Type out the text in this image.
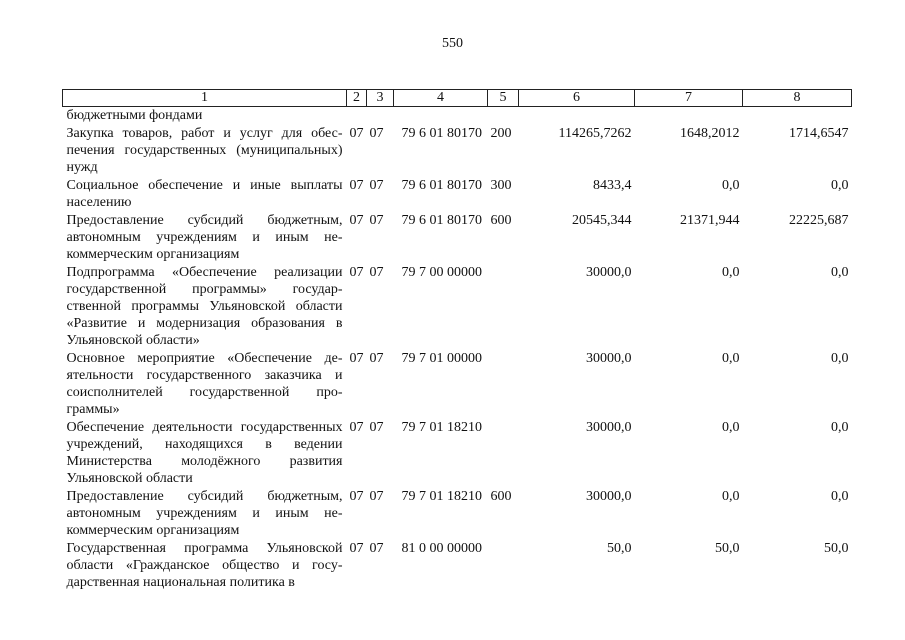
550
1	2	3	4	5	6	7	8
бюджетными фондами							
Закупка товаров, работ и услуг для обеспечения государственных (муниципальных) нужд	07	07	79 6 01 80170	200	114265,7262	1648,2012	1714,6547
Социальное обеспечение и иные выплаты населению	07	07	79 6 01 80170	300	8433,4	0,0	0,0
Предоставление субсидий бюджетным, автономным учреждениям и иным некоммерческим организациям	07	07	79 6 01 80170	600	20545,344	21371,944	22225,687
Подпрограмма «Обеспечение реализации государственной программы» государственной программы Ульяновской области «Развитие и модернизация образования в Ульяновской области»	07	07	79 7 00 00000		30000,0	0,0	0,0
Основное мероприятие «Обеспечение деятельности государственного заказчика и соисполнителей государственной программы»	07	07	79 7 01 00000		30000,0	0,0	0,0
Обеспечение деятельности государственных учреждений, находящихся в ведении Министерства молодёжного развития Ульяновской области	07	07	79 7 01 18210		30000,0	0,0	0,0
Предоставление субсидий бюджетным, автономным учреждениям и иным некоммерческим организациям	07	07	79 7 01 18210	600	30000,0	0,0	0,0
Государственная программа Ульяновской области «Гражданское общество и государственная национальная политика в	07	07	81 0 00 00000		50,0	50,0	50,0
